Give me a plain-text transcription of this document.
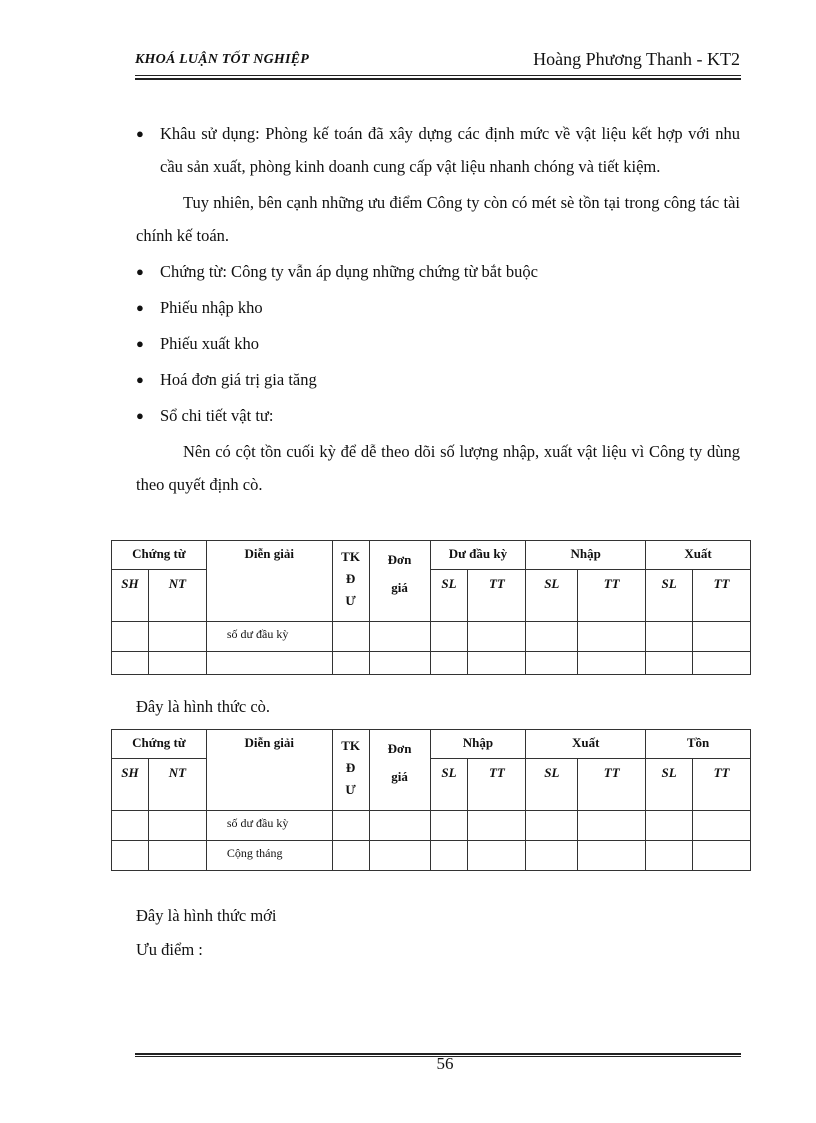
KHOÁ LUẬN TỐT NGHIỆP	Hoàng Phương Thanh - KT2
● Khâu sử dụng: Phòng kế toán đã xây dựng các định mức về vật liệu kết hợp với nhu cầu sản xuất, phòng kinh doanh cung cấp vật liệu nhanh chóng và tiết kiệm.
Tuy nhiên, bên cạnh những ưu điểm Công ty còn có mét sè tồn tại trong công tác tài chính kế toán.
● Chứng từ: Công ty vẫn áp dụng những chứng từ bắt buộc
● Phiếu nhập kho
● Phiếu xuất kho
● Hoá đơn giá trị gia tăng
● Sổ chi tiết vật tư:
Nên có cột tồn cuối kỳ để dễ theo dõi số lượng nhập, xuất vật liệu vì Công ty dùng theo quyết định cò.
Chứng từ		Diễn giải	TK Đ Ư	Đơn giá	Dư đầu kỳ		Nhập		Xuất	
SH	NT				SL	TT	SL	TT	SL	TT
		số dư đầu kỳ								

Đây là hình thức cò.
Chứng từ		Diễn giải	TK Đ Ư	Đơn giá	Nhập		Xuất		Tồn	
SH	NT				SL	TT	SL	TT	SL	TT
		số dư đầu kỳ								
		Cộng tháng								
Đây là hình thức mới
Ưu điểm :
56
